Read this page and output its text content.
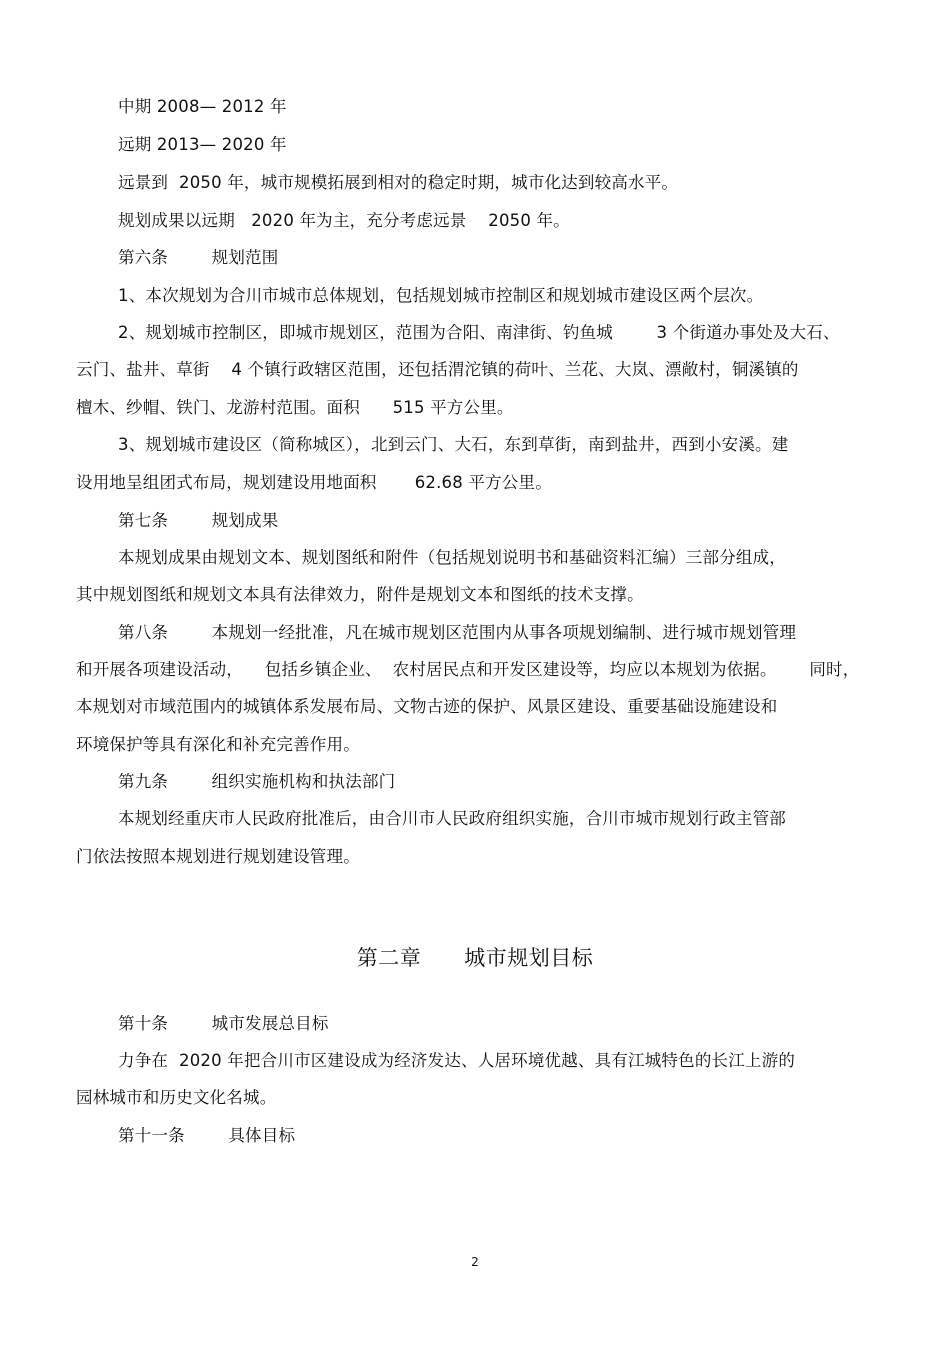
中期 2008— 2012 年
远期 2013— 2020 年
远景到  2050 年，城市规模拓展到相对的稳定时期，城市化达到较高水平。
规划成果以远期   2020 年为主，充分考虑远景    2050 年。
第六条        规划范围
1、本次规划为合川市城市总体规划，包括规划城市控制区和规划城市建设区两个层次。
2、规划城市控制区，即城市规划区，范围为合阳、南津街、钓鱼城        3 个街道办事处及大石、
云门、盐井、草街    4 个镇行政辖区范围，还包括渭沱镇的荷叶、兰花、大岚、漂敞村，铜溪镇的
檀木、纱帽、铁门、龙游村范围。面积      515 平方公里。
3、规划城市建设区（简称城区），北到云门、大石，东到草街，南到盐井，西到小安溪。建
设用地呈组团式布局，规划建设用地面积       62.68 平方公里。
第七条        规划成果
本规划成果由规划文本、规划图纸和附件（包括规划说明书和基础资料汇编）三部分组成，
其中规划图纸和规划文本具有法律效力，附件是规划文本和图纸的技术支撑。
第八条        本规划一经批准，凡在城市规划区范围内从事各项规划编制、进行城市规划管理
和开展各项建设活动，    包括乡镇企业、  农村居民点和开发区建设等，均应以本规划为依据。      同时，
本规划对市域范围内的城镇体系发展布局、文物古迹的保护、风景区建设、重要基础设施建设和
环境保护等具有深化和补充完善作用。
第九条        组织实施机构和执法部门
本规划经重庆市人民政府批准后，由合川市人民政府组织实施，合川市城市规划行政主管部
门依法按照本规划进行规划建设管理。
第二章      城市规划目标
第十条        城市发展总目标
力争在  2020 年把合川市区建设成为经济发达、人居环境优越、具有江城特色的长江上游的
园林城市和历史文化名城。
第十一条        具体目标
2
